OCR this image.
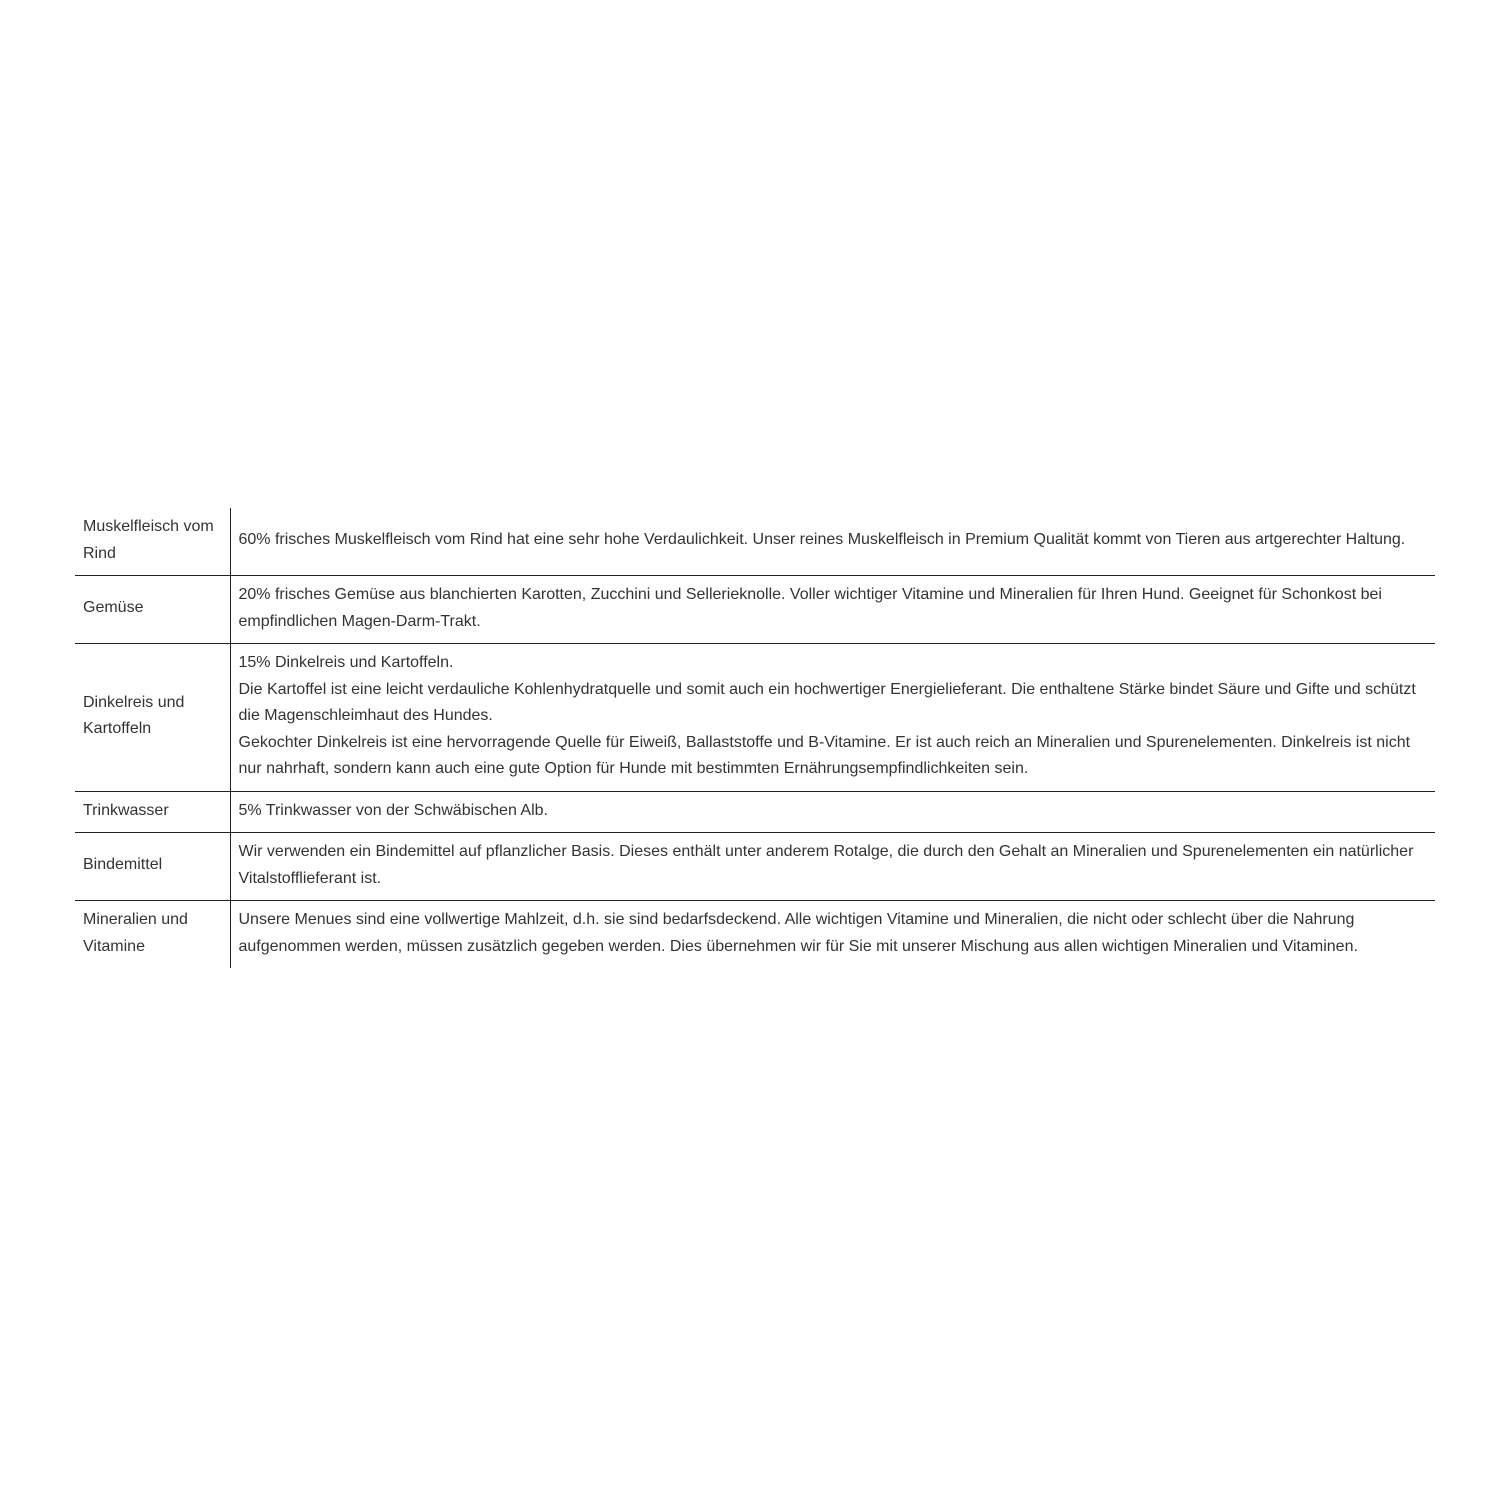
Muskelfleisch vom Rind	60% frisches Muskelfleisch vom Rind hat eine sehr hohe Verdaulichkeit. Unser reines Muskelfleisch in Premium Qualität kommt von Tieren aus artgerechter Haltung.

Gemüse	20% frisches Gemüse aus blanchierten Karotten, Zucchini und Sellerieknolle. Voller wichtiger Vitamine und Mineralien für Ihren Hund. Geeignet für Schonkost bei empfindlichen Magen-Darm-Trakt.

Dinkelreis und Kartoffeln	15% Dinkelreis und Kartoffeln.
Die Kartoffel ist eine leicht verdauliche Kohlenhydratquelle und somit auch ein hochwertiger Energielieferant. Die enthaltene Stärke bindet Säure und Gifte und schützt die Magenschleimhaut des Hundes.
Gekochter Dinkelreis ist eine hervorragende Quelle für Eiweiß, Ballaststoffe und B-Vitamine. Er ist auch reich an Mineralien und Spurenelementen. Dinkelreis ist nicht nur nahrhaft, sondern kann auch eine gute Option für Hunde mit bestimmten Ernährungsempfindlichkeiten sein.

Trinkwasser	5% Trinkwasser von der Schwäbischen Alb.

Bindemittel	Wir verwenden ein Bindemittel auf pflanzlicher Basis. Dieses enthält unter anderem Rotalge, die durch den Gehalt an Mineralien und Spurenelementen ein natürlicher Vitalstofflieferant ist.

Mineralien und Vitamine	Unsere Menues sind eine vollwertige Mahlzeit, d.h. sie sind bedarfsdeckend. Alle wichtigen Vitamine und Mineralien, die nicht oder schlecht über die Nahrung aufgenommen werden, müssen zusätzlich gegeben werden. Dies übernehmen wir für Sie mit unserer Mischung aus allen wichtigen Mineralien und Vitaminen.
